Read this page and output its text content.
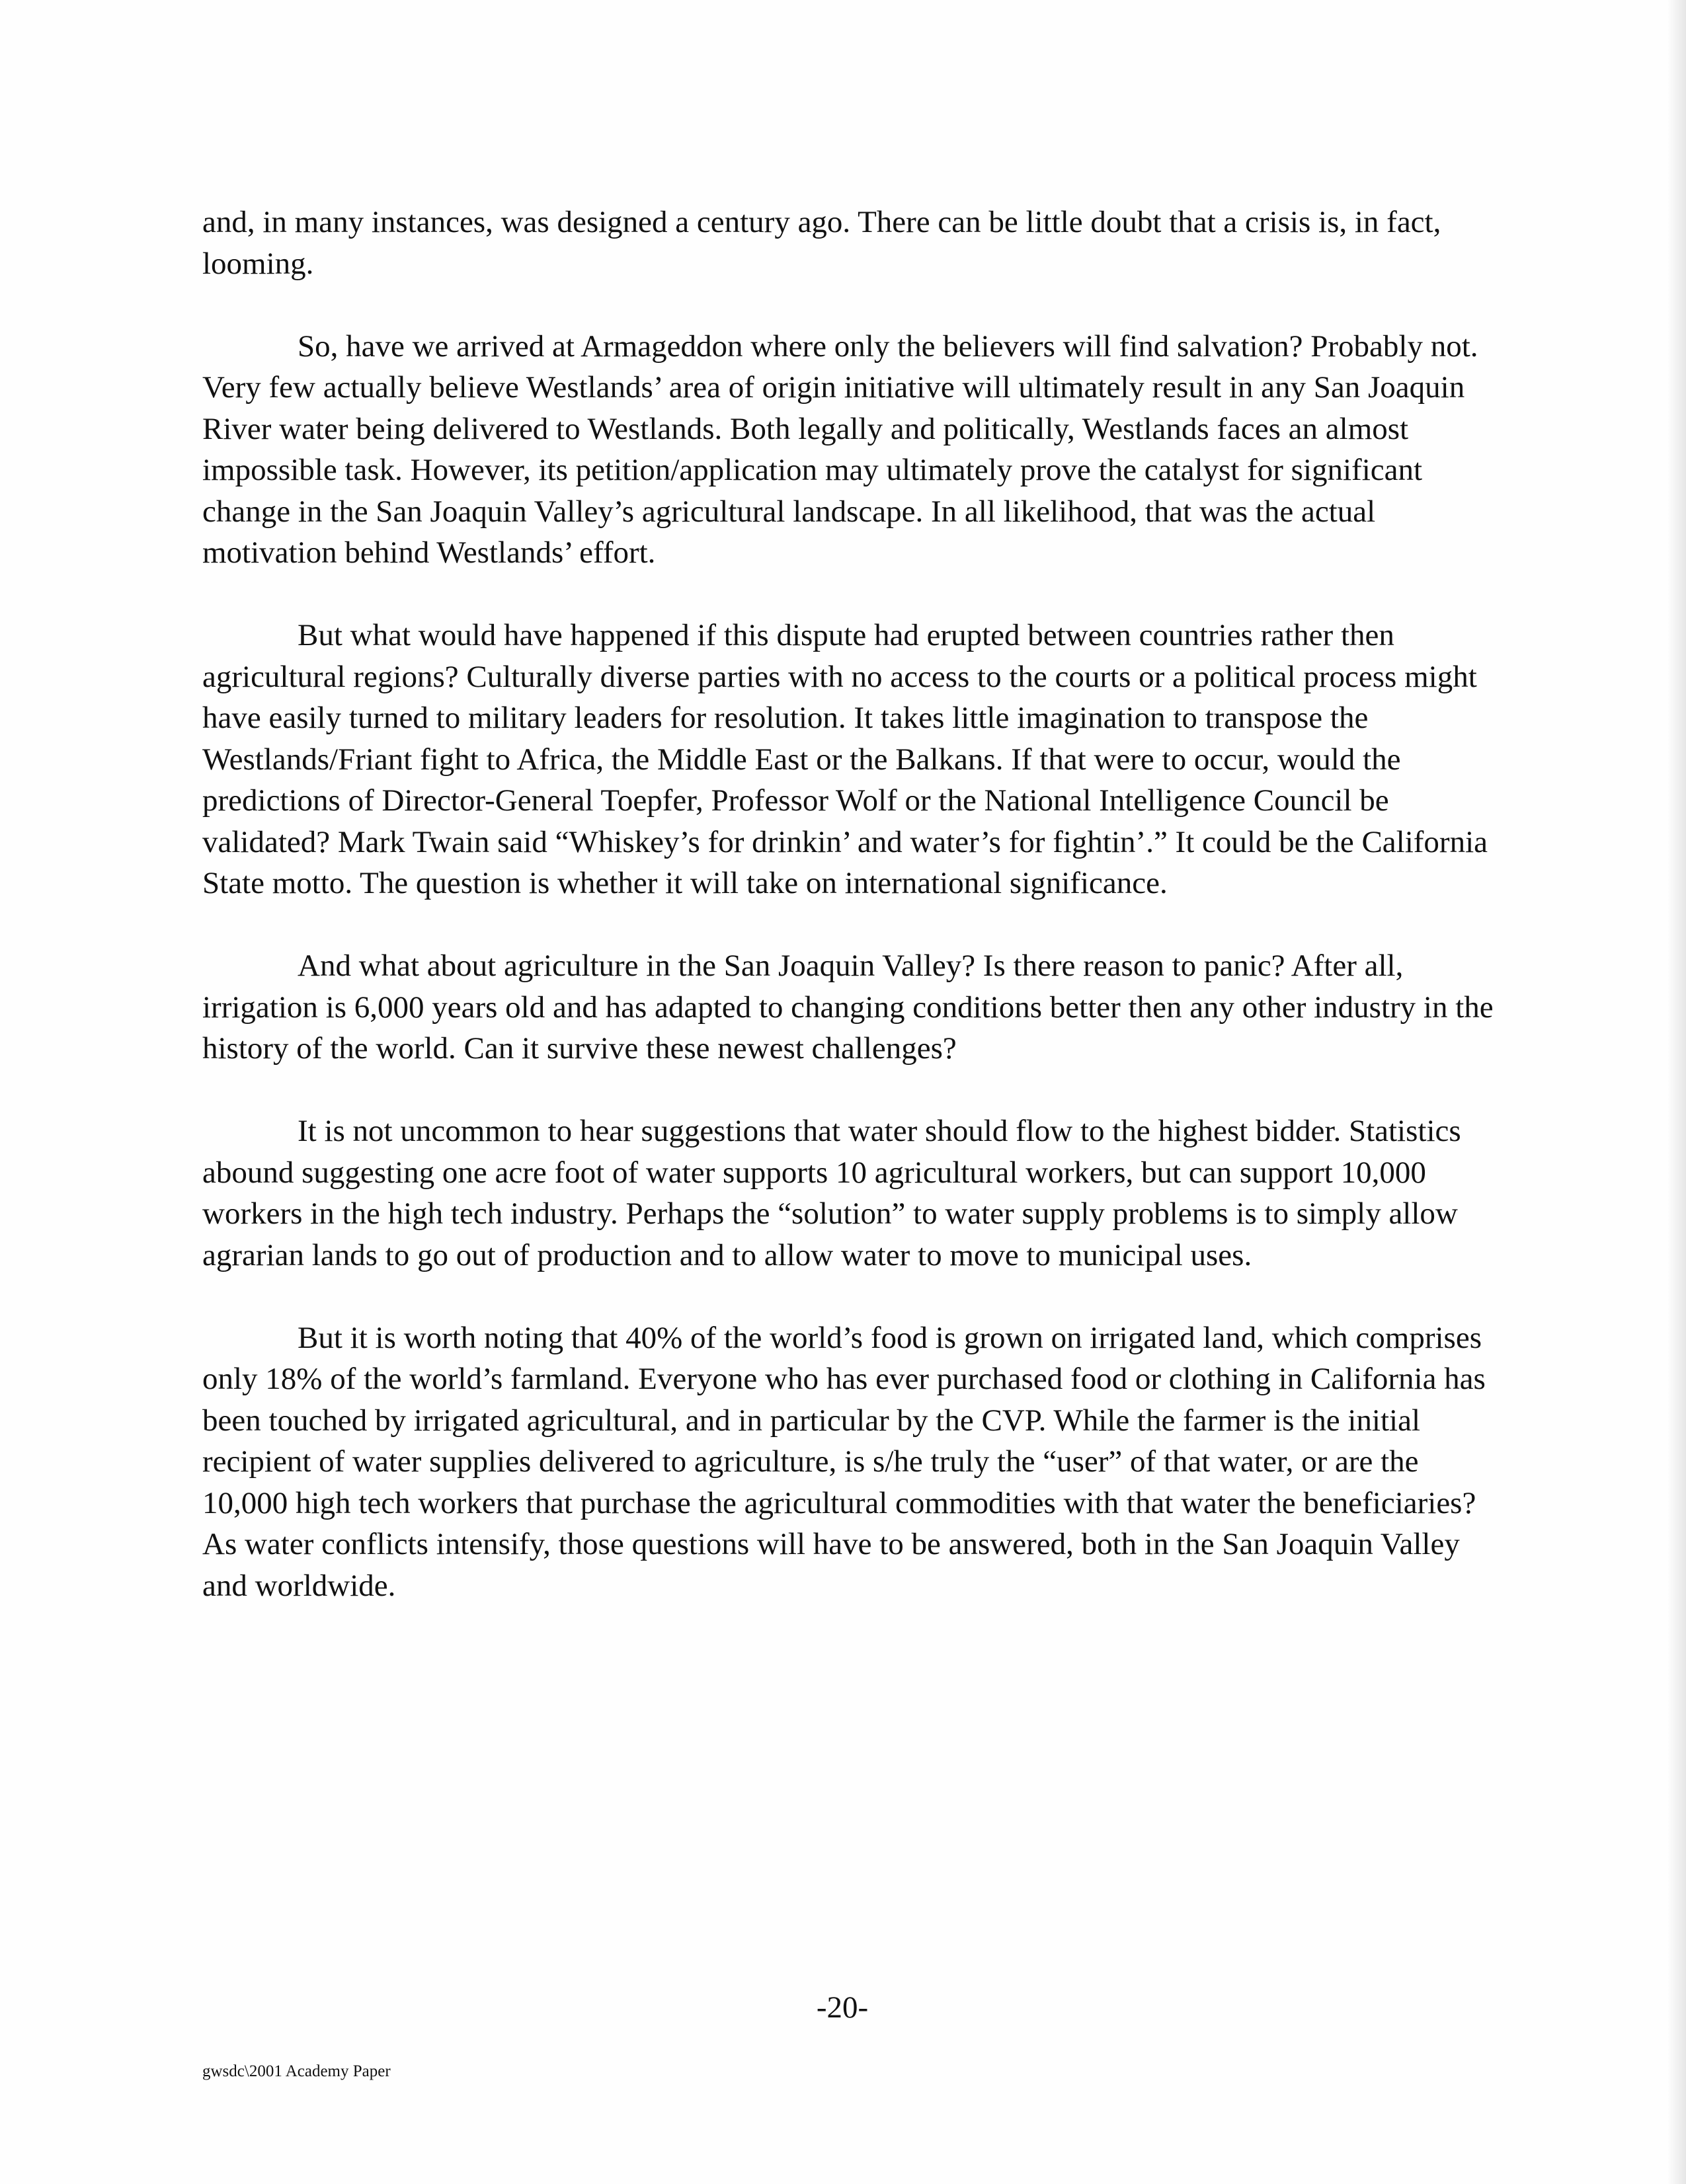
and, in many instances, was designed a century ago. There can be little doubt that a crisis is, in fact, looming.

So, have we arrived at Armageddon where only the believers will find salvation? Probably not. Very few actually believe Westlands’ area of origin initiative will ultimately result in any San Joaquin River water being delivered to Westlands. Both legally and politically, Westlands faces an almost impossible task. However, its petition/application may ultimately prove the catalyst for significant change in the San Joaquin Valley’s agricultural landscape. In all likelihood, that was the actual motivation behind Westlands’ effort.

But what would have happened if this dispute had erupted between countries rather then agricultural regions? Culturally diverse parties with no access to the courts or a political process might have easily turned to military leaders for resolution. It takes little imagination to transpose the Westlands/Friant fight to Africa, the Middle East or the Balkans. If that were to occur, would the predictions of Director-General Toepfer, Professor Wolf or the National Intelligence Council be validated? Mark Twain said “Whiskey’s for drinkin’ and water’s for fightin’.” It could be the California State motto. The question is whether it will take on international significance.

And what about agriculture in the San Joaquin Valley? Is there reason to panic? After all, irrigation is 6,000 years old and has adapted to changing conditions better then any other industry in the history of the world. Can it survive these newest challenges?

It is not uncommon to hear suggestions that water should flow to the highest bidder. Statistics abound suggesting one acre foot of water supports 10 agricultural workers, but can support 10,000 workers in the high tech industry. Perhaps the “solution” to water supply problems is to simply allow agrarian lands to go out of production and to allow water to move to municipal uses.

But it is worth noting that 40% of the world’s food is grown on irrigated land, which comprises only 18% of the world’s farmland. Everyone who has ever purchased food or clothing in California has been touched by irrigated agricultural, and in particular by the CVP. While the farmer is the initial recipient of water supplies delivered to agriculture, is s/he truly the “user” of that water, or are the 10,000 high tech workers that purchase the agricultural commodities with that water the beneficiaries? As water conflicts intensify, those questions will have to be answered, both in the San Joaquin Valley and worldwide.

-20-
gwsdc\2001 Academy Paper
